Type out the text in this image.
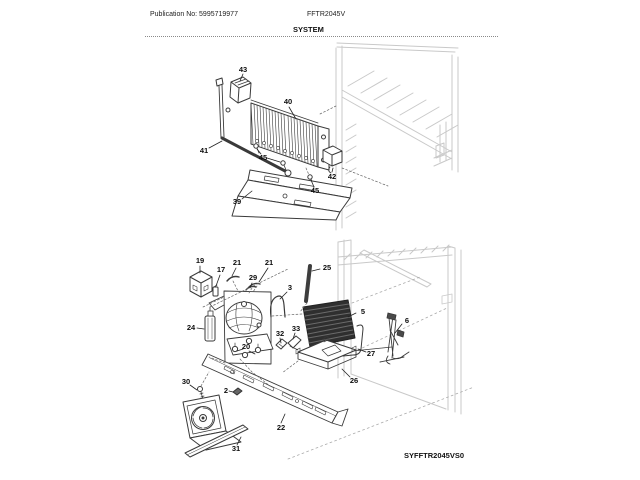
Publication No: 5995719977	FFTR2045V
SYSTEM
43
40
41
45
42
45
39
19
17
21	21
29
25
3
5
6
24	33
32
20
27
26
30
2
22
31
SYFFTR2045VS0
